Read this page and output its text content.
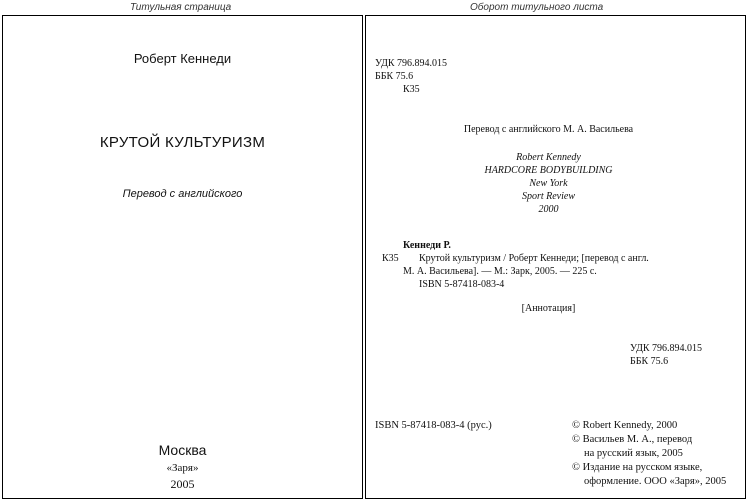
Титульная страница	Оборот титульного листа
Роберт Кеннеди
КРУТОЙ КУЛЬТУРИЗМ
Перевод с английского
Москва
«Заря»
2005
УДК 796.894.015
ББК 75.6
К35
Перевод с английского М. А. Васильева
Robert Kennedy
HARDCORE BODYBUILDING
New York
Sport Review
2000
Кеннеди Р.
К35 Крутой культуризм / Роберт Кеннеди; [перевод с англ.
М. А. Васильева]. — М.: Зарк, 2005. — 225 с.
ISBN 5-87418-083-4
[Аннотация]
УДК 796.894.015
ББК 75.6
ISBN 5-87418-083-4 (рус.)	© Robert Kennedy, 2000
© Васильев М. А., перевод
на русский язык, 2005
© Издание на русском языке,
оформление. ООО «Заря», 2005
